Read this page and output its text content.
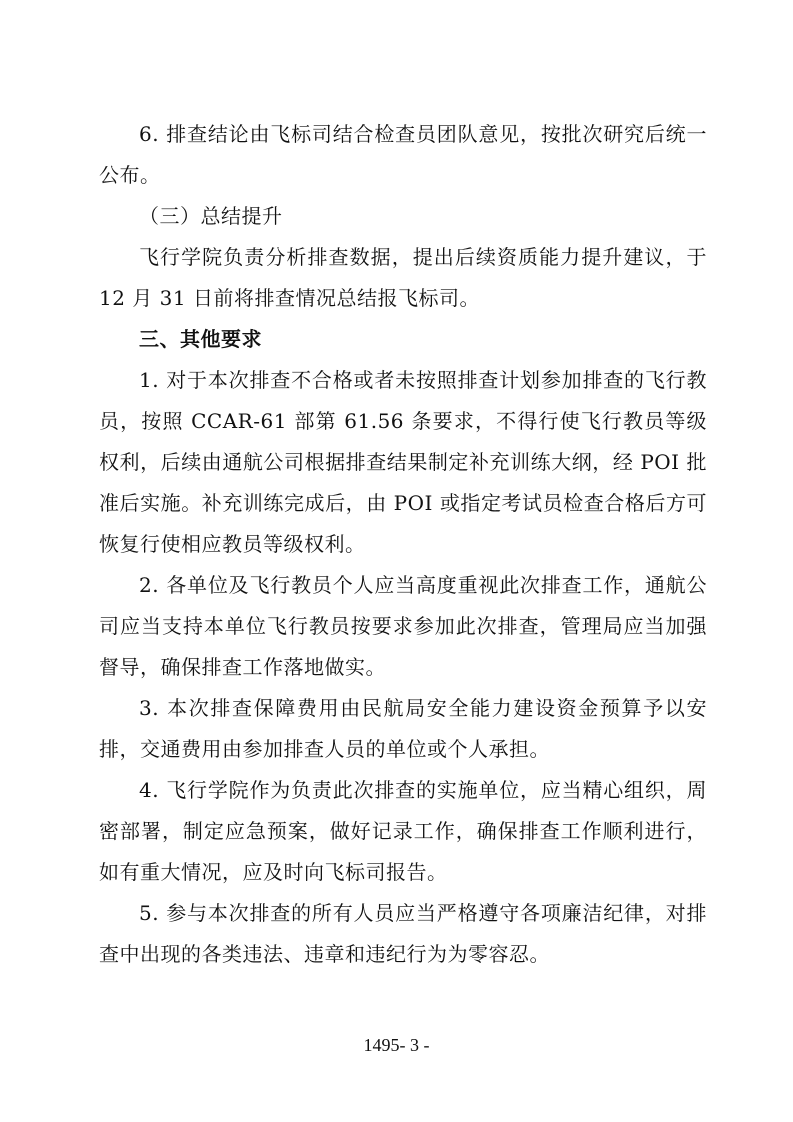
6. 排查结论由飞标司结合检查员团队意见，按批次研究后统一公布。

（三）总结提升

飞行学院负责分析排查数据，提出后续资质能力提升建议，于 12 月 31 日前将排查情况总结报飞标司。

三、其他要求

1. 对于本次排查不合格或者未按照排查计划参加排查的飞行教员，按照 CCAR-61 部第 61.56 条要求，不得行使飞行教员等级权利，后续由通航公司根据排查结果制定补充训练大纲，经 POI 批准后实施。补充训练完成后，由 POI 或指定考试员检查合格后方可恢复行使相应教员等级权利。

2. 各单位及飞行教员个人应当高度重视此次排查工作，通航公司应当支持本单位飞行教员按要求参加此次排查，管理局应当加强督导，确保排查工作落地做实。

3. 本次排查保障费用由民航局安全能力建设资金预算予以安排，交通费用由参加排查人员的单位或个人承担。

4. 飞行学院作为负责此次排查的实施单位，应当精心组织，周密部署，制定应急预案，做好记录工作，确保排查工作顺利进行，如有重大情况，应及时向飞标司报告。

5. 参与本次排查的所有人员应当严格遵守各项廉洁纪律，对排查中出现的各类违法、违章和违纪行为为零容忍。

1495- 3 -
